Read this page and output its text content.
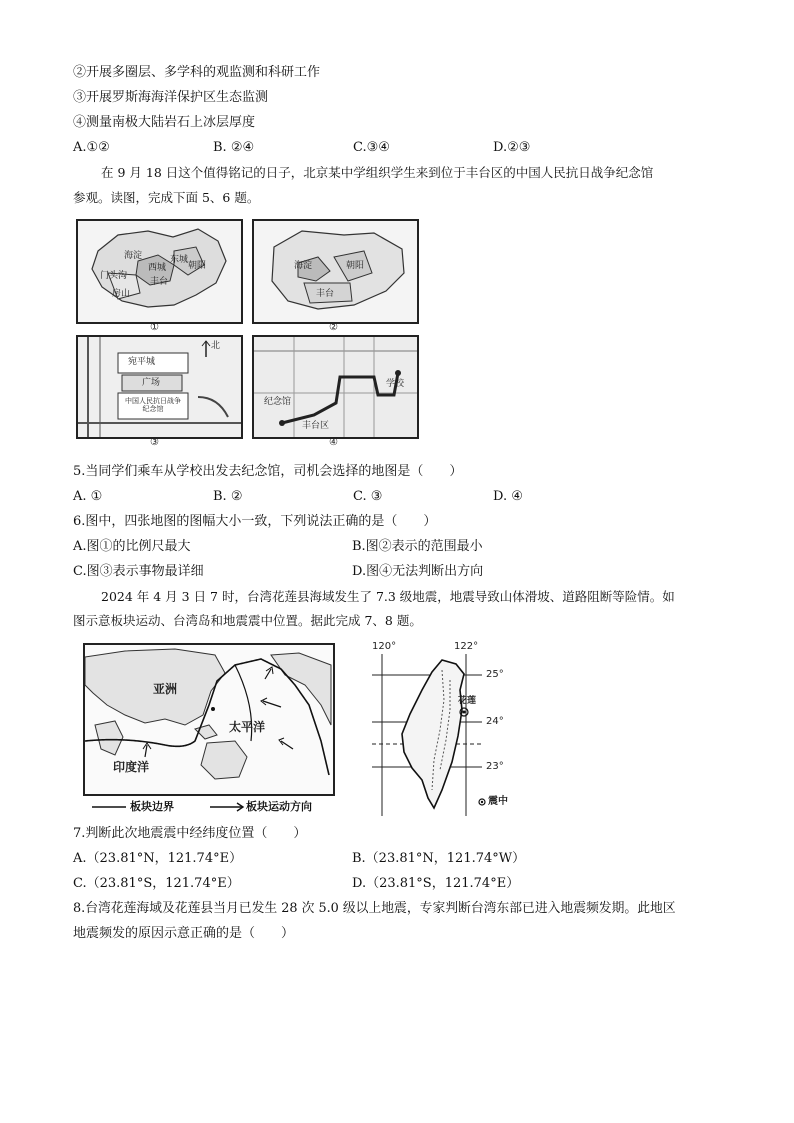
②开展多圈层、多学科的观监测和科研工作
③开展罗斯海海洋保护区生态监测
④测量南极大陆岩石上冰层厚度
A.①②	B. ②④	C.③④	D.②③
在 9 月 18 日这个值得铭记的日子，北京某中学组织学生来到位于丰台区的中国人民抗日战争纪念馆
参观。读图，完成下面 5、6 题。
海淀
西城
东城
朝阳
丰台
门头沟
房山
①
海淀	朝阳
丰台
②
宛平城
广场
中国人民抗日战争纪念馆
北
③
学校
丰台区
纪念馆
④
5.当同学们乘车从学校出发去纪念馆，司机会选择的地图是（　　）
A. ①	B. ②	C. ③	D. ④
6.图中，四张地图的图幅大小一致，下列说法正确的是（　　）
A.图①的比例尺最大	B.图②表示的范围最小
C.图③表示事物最详细	D.图④无法判断出方向
2024 年 4 月 3 日 7 时，台湾花莲县海域发生了 7.3 级地震，地震导致山体滑坡、道路阻断等险情。如
图示意板块运动、台湾岛和地震震中位置。据此完成 7、8 题。
亚洲
太平洋
印度洋
板块边界	板块运动方向
120°	122°
25°
24°
23°
花莲
震中
7.判断此次地震震中经纬度位置（　　）
A.（23.81°N，121.74°E）	B.（23.81°N，121.74°W）
C.（23.81°S，121.74°E）	D.（23.81°S，121.74°E）
8.台湾花莲海域及花莲县当月已发生 28 次 5.0 级以上地震，专家判断台湾东部已进入地震频发期。此地区
地震频发的原因示意正确的是（　　）
